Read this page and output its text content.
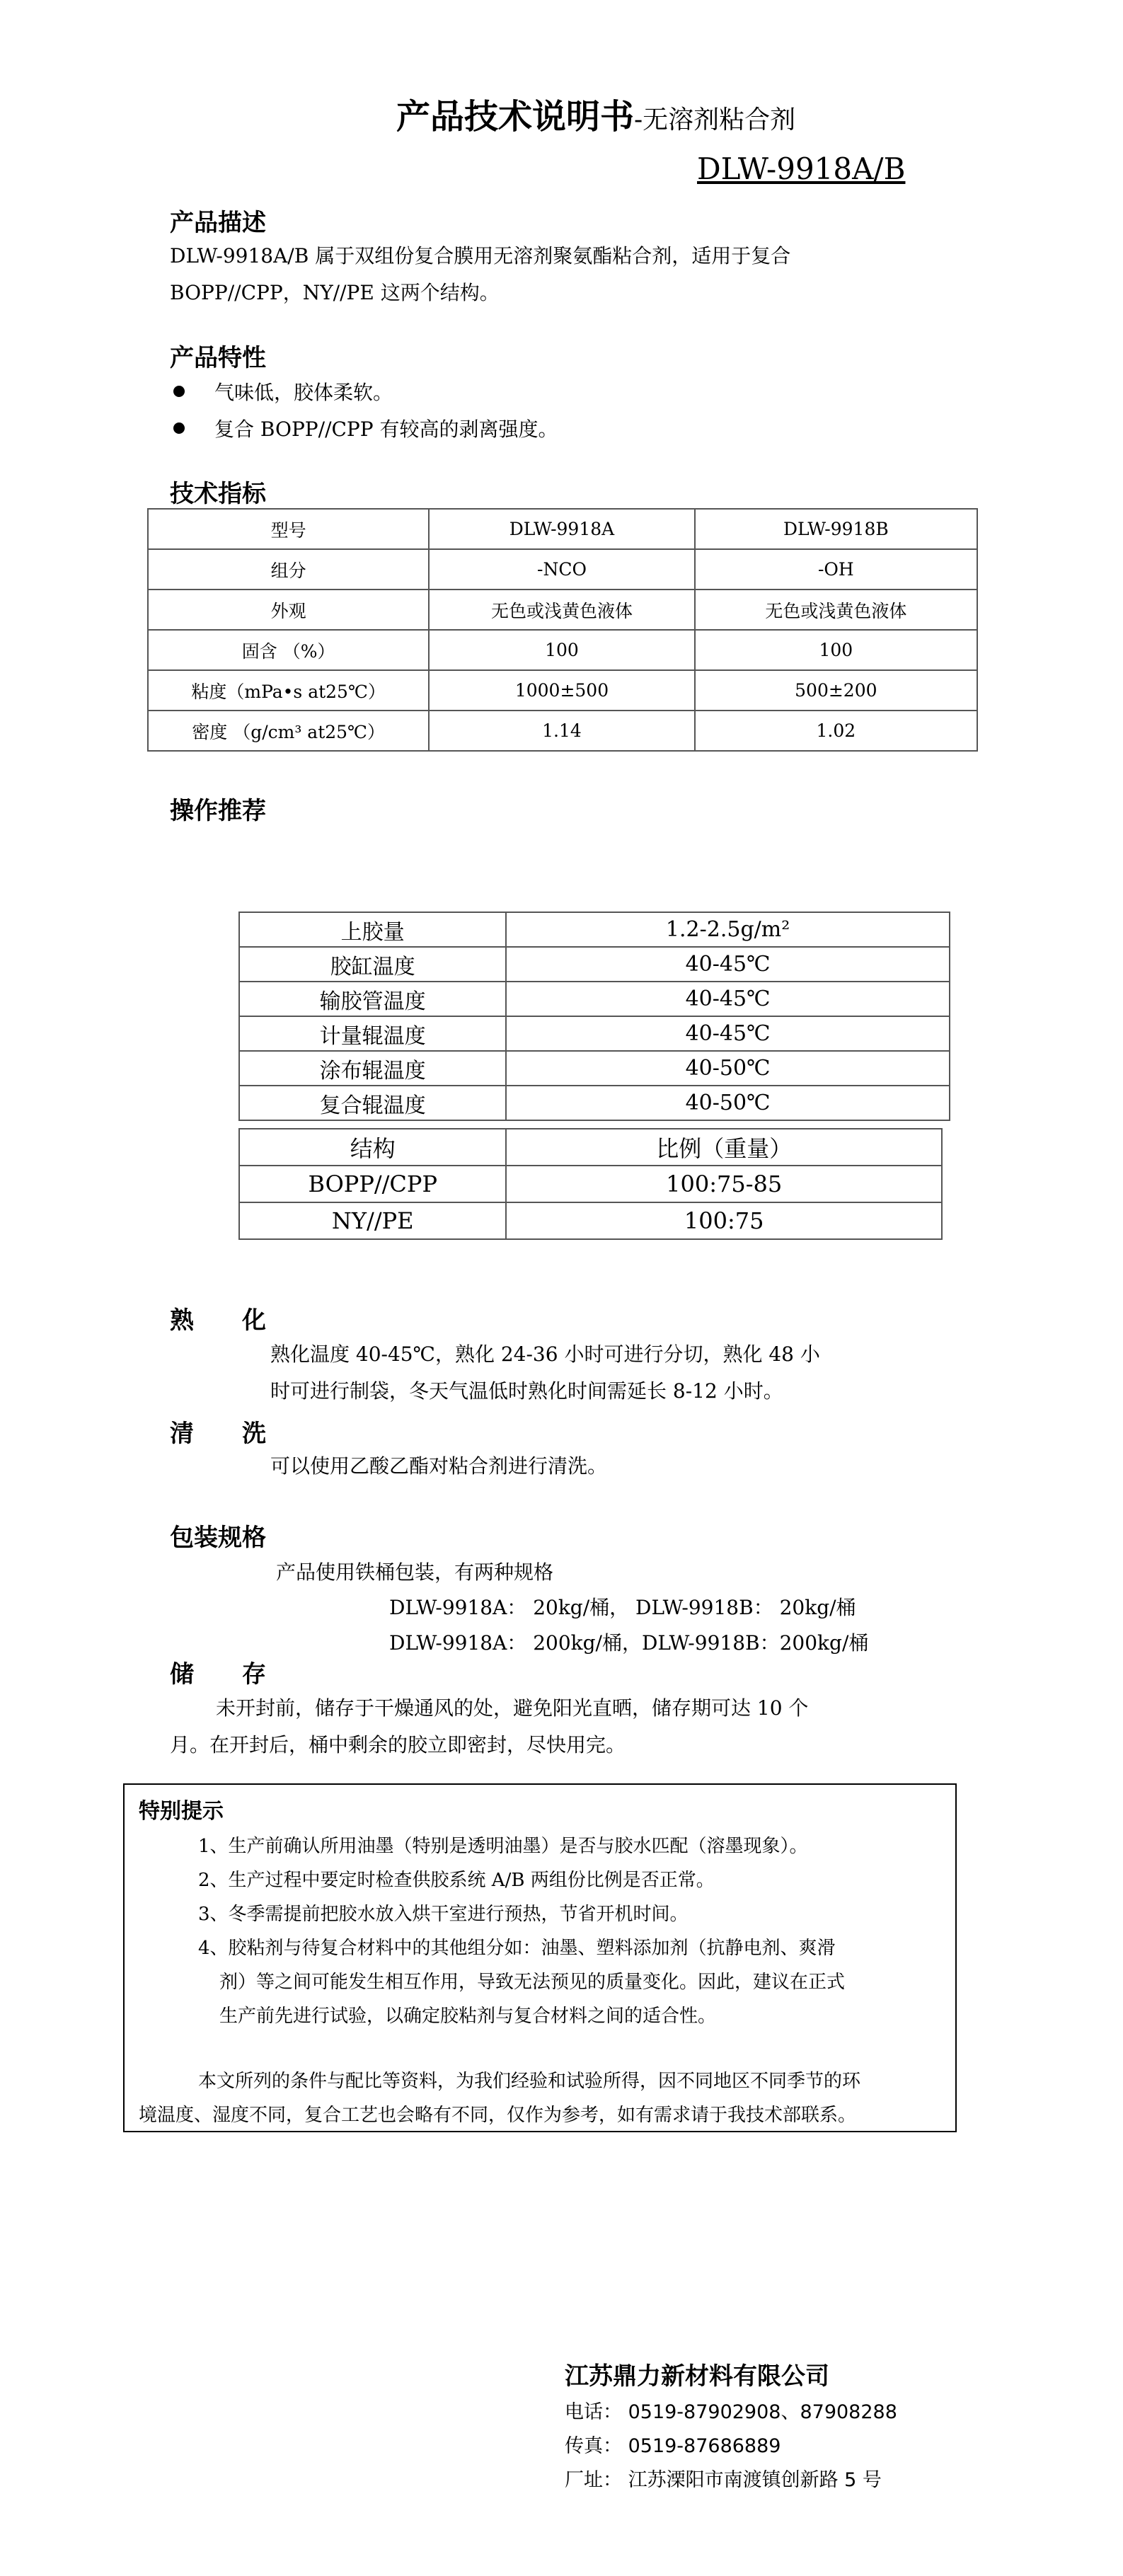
产品技术说明书-无溶剂粘合剂
DLW-9918A/B
产品描述
DLW-9918A/B 属于双组份复合膜用无溶剂聚氨酯粘合剂，适用于复合
BOPP//CPP，NY//PE 这两个结构。
产品特性
气味低，胶体柔软。
复合 BOPP//CPP 有较高的剥离强度。
技术指标
型号	DLW-9918A	DLW-9918B
组分	-NCO	-OH
外观	无色或浅黄色液体	无色或浅黄色液体
固含 （%）	100	100
粘度（mPa•s at25℃）	1000±500	500±200
密度 （g/cm³ at25℃）	1.14	1.02
操作推荐
上胶量	1.2-2.5g/m²
胶缸温度	40-45℃
输胶管温度	40-45℃
计量辊温度	40-45℃
涂布辊温度	40-50℃
复合辊温度	40-50℃
结构	比例（重量）
BOPP//CPP	100:75-85
NY//PE	100:75
熟　　化
熟化温度 40-45℃，熟化 24-36 小时可进行分切，熟化 48 小
时可进行制袋，冬天气温低时熟化时间需延长 8-12 小时。
清　　洗
可以使用乙酸乙酯对粘合剂进行清洗。
包装规格
产品使用铁桶包装，有两种规格
DLW-9918A： 20kg/桶， DLW-9918B： 20kg/桶
DLW-9918A： 200kg/桶，DLW-9918B：200kg/桶
储　　存
未开封前，储存于干燥通风的处，避免阳光直晒，储存期可达 10 个
月。在开封后，桶中剩余的胶立即密封，尽快用完。
特别提示
1、生产前确认所用油墨（特别是透明油墨）是否与胶水匹配（溶墨现象）。
2、生产过程中要定时检查供胶系统 A/B 两组份比例是否正常。
3、冬季需提前把胶水放入烘干室进行预热，节省开机时间。
4、胶粘剂与待复合材料中的其他组分如：油墨、塑料添加剂（抗静电剂、爽滑
剂）等之间可能发生相互作用，导致无法预见的质量变化。因此，建议在正式
生产前先进行试验，以确定胶粘剂与复合材料之间的适合性。
本文所列的条件与配比等资料，为我们经验和试验所得，因不同地区不同季节的环
境温度、湿度不同，复合工艺也会略有不同，仅作为参考，如有需求请于我技术部联系。
江苏鼎力新材料有限公司
电话： 0519-87902908、87908288
传真： 0519-87686889
厂址： 江苏溧阳市南渡镇创新路 5 号
